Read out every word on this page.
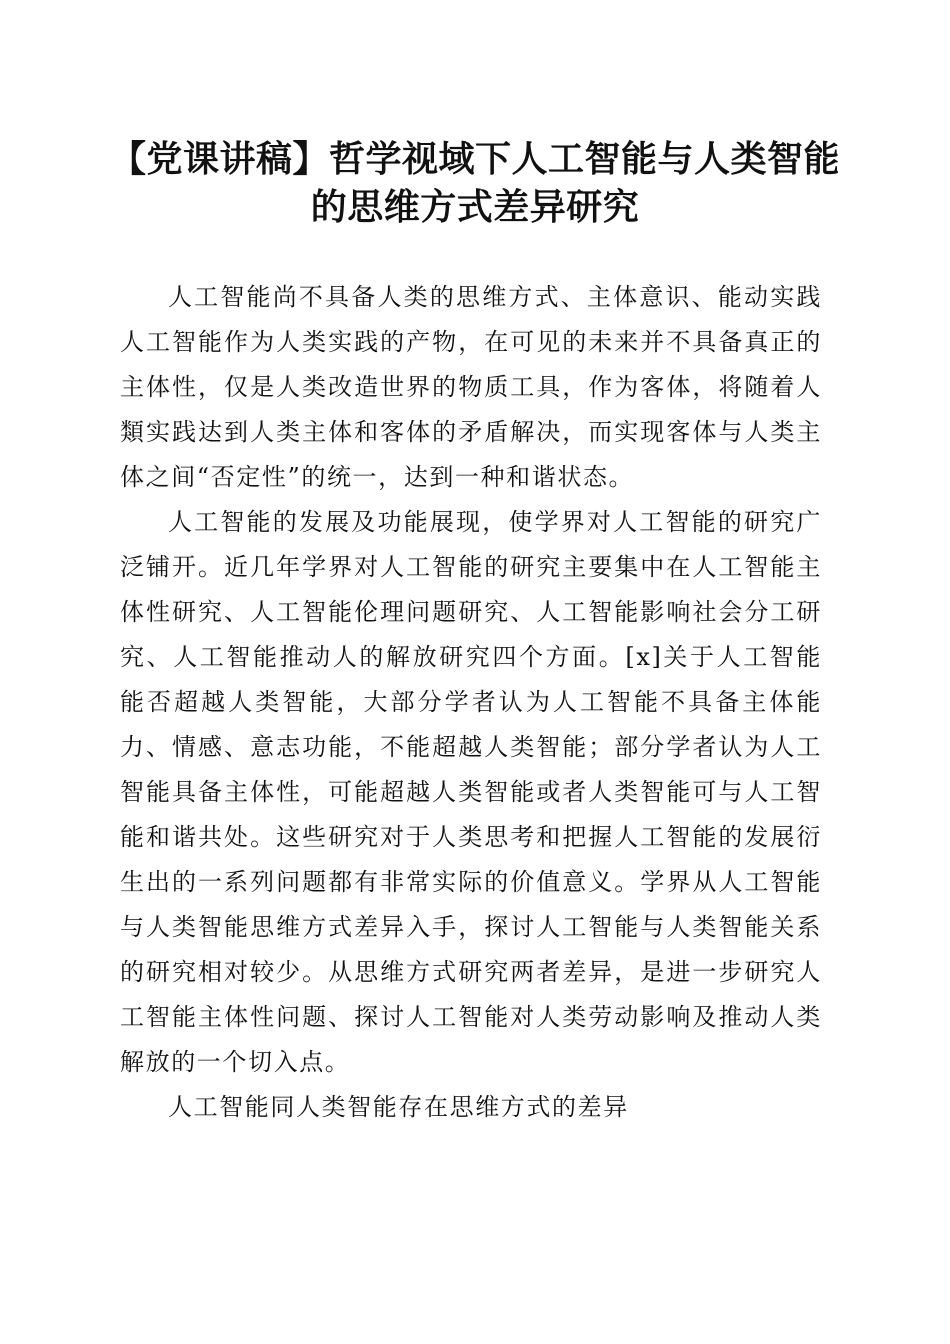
【党课讲稿】哲学视域下人工智能与人类智能
的思维方式差异研究

人工智能尚不具备人类的思维方式、主体意识、能动实践人工智能作为人类实践的产物，在可见的未来并不具备真正的主体性，仅是人类改造世界的物质工具，作为客体，将随着人類实践达到人类主体和客体的矛盾解决，而实现客体与人类主体之间“否定性”的统一，达到一种和谐状态。

人工智能的发展及功能展现，使学界对人工智能的研究广泛铺开。近几年学界对人工智能的研究主要集中在人工智能主体性研究、人工智能伦理问题研究、人工智能影响社会分工研究、人工智能推动人的解放研究四个方面。[x]关于人工智能能否超越人类智能，大部分学者认为人工智能不具备主体能力、情感、意志功能，不能超越人类智能；部分学者认为人工智能具备主体性，可能超越人类智能或者人类智能可与人工智能和谐共处。这些研究对于人类思考和把握人工智能的发展衍生出的一系列问题都有非常实际的价值意义。学界从人工智能与人类智能思维方式差异入手，探讨人工智能与人类智能关系的研究相对较少。从思维方式研究两者差异，是进一步研究人工智能主体性问题、探讨人工智能对人类劳动影响及推动人类解放的一个切入点。

人工智能同人类智能存在思维方式的差异
